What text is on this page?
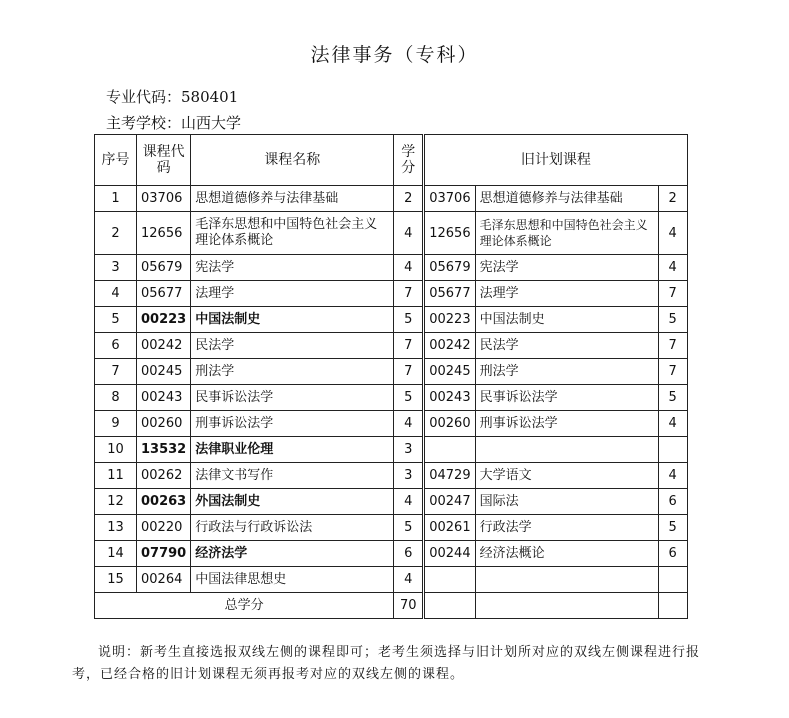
法律事务（专科）
专业代码：580401
主考学校：山西大学
序号	课程代码	课程名称	学分	旧计划课程		
1	03706	思想道德修养与法律基础	2	03706	思想道德修养与法律基础	2
2	12656	毛泽东思想和中国特色社会主义理论体系概论	4	12656	毛泽东思想和中国特色社会主义理论体系概论	4
3	05679	宪法学	4	05679	宪法学	4
4	05677	法理学	7	05677	法理学	7
5	00223	中国法制史	5	00223	中国法制史	5
6	00242	民法学	7	00242	民法学	7
7	00245	刑法学	7	00245	刑法学	7
8	00243	民事诉讼法学	5	00243	民事诉讼法学	5
9	00260	刑事诉讼法学	4	00260	刑事诉讼法学	4
10	13532	法律职业伦理	3			
11	00262	法律文书写作	3	04729	大学语文	4
12	00263	外国法制史	4	00247	国际法	6
13	00220	行政法与行政诉讼法	5	00261	行政法学	5
14	07790	经济法学	6	00244	经济法概论	6
15	00264	中国法律思想史	4			
总学分			70			
说明：新考生直接选报双线左侧的课程即可；老考生须选择与旧计划所对应的双线左侧课程进行报考，已经合格的旧计划课程无须再报考对应的双线左侧的课程。
